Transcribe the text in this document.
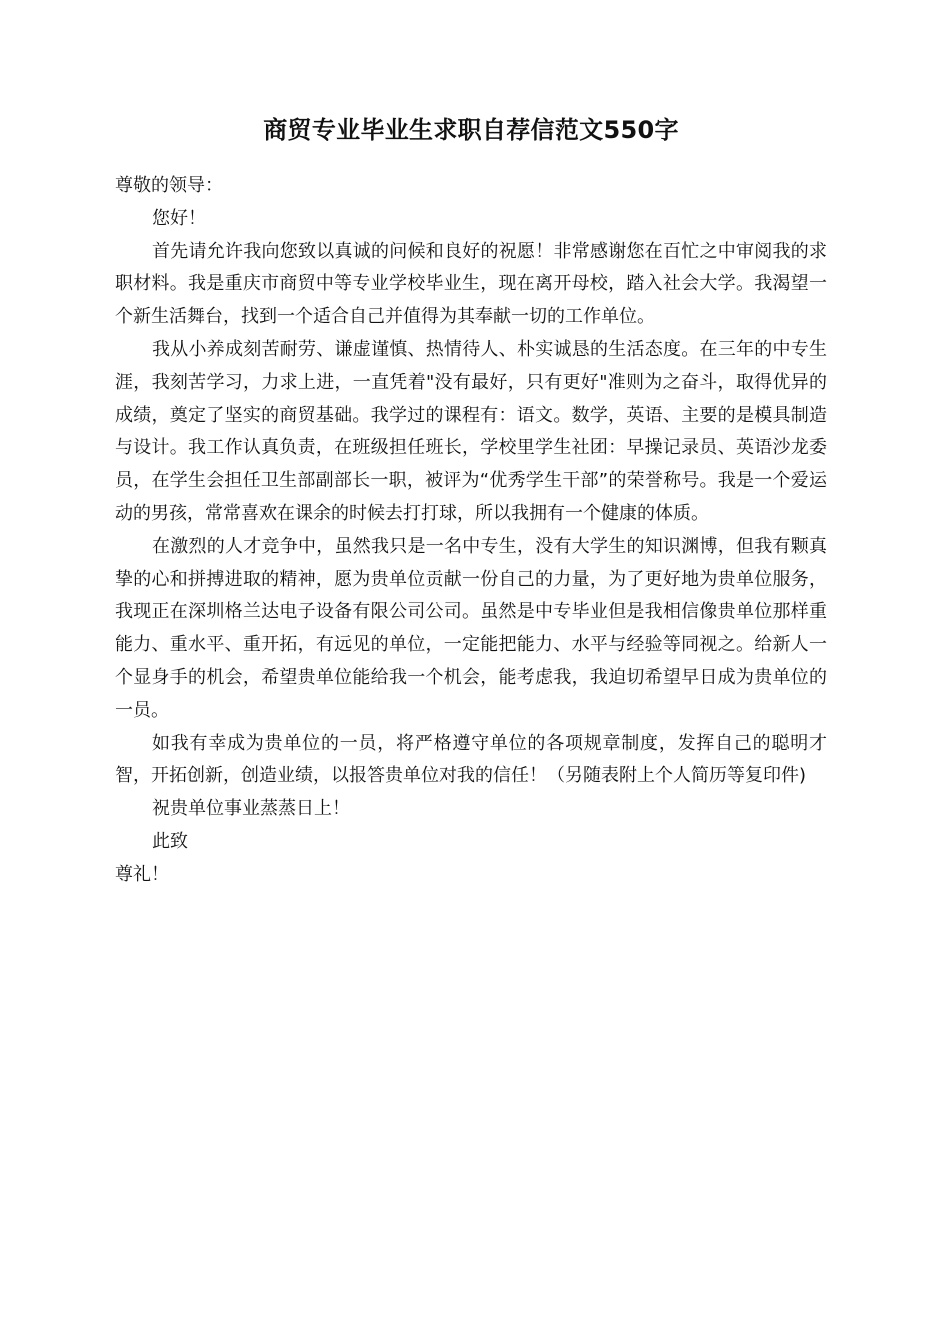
商贸专业毕业生求职自荐信范文550字

尊敬的领导：

您好！

首先请允许我向您致以真诚的问候和良好的祝愿！非常感谢您在百忙之中审阅我的求职材料。我是重庆市商贸中等专业学校毕业生，现在离开母校，踏入社会大学。我渴望一个新生活舞台，找到一个适合自己并值得为其奉献一切的工作单位。

我从小养成刻苦耐劳、谦虚谨慎、热情待人、朴实诚恳的生活态度。在三年的中专生涯，我刻苦学习，力求上进，一直凭着"没有最好，只有更好"准则为之奋斗，取得优异的成绩，奠定了坚实的商贸基础。我学过的课程有：语文。数学，英语、主要的是模具制造与设计。我工作认真负责，在班级担任班长，学校里学生社团：早操记录员、英语沙龙委员，在学生会担任卫生部副部长一职，被评为“优秀学生干部”的荣誉称号。我是一个爱运动的男孩，常常喜欢在课余的时候去打打球，所以我拥有一个健康的体质。

在激烈的人才竞争中，虽然我只是一名中专生，没有大学生的知识渊博，但我有颗真挚的心和拼搏进取的精神，愿为贵单位贡献一份自己的力量，为了更好地为贵单位服务，我现正在深圳格兰达电子设备有限公司公司。虽然是中专毕业但是我相信像贵单位那样重能力、重水平、重开拓，有远见的单位，一定能把能力、水平与经验等同视之。给新人一个显身手的机会，希望贵单位能给我一个机会，能考虑我，我迫切希望早日成为贵单位的一员。

如我有幸成为贵单位的一员，将严格遵守单位的各项规章制度，发挥自己的聪明才智，开拓创新，创造业绩，以报答贵单位对我的信任！（另随表附上个人简历等复印件)

祝贵单位事业蒸蒸日上！

此致

尊礼！
